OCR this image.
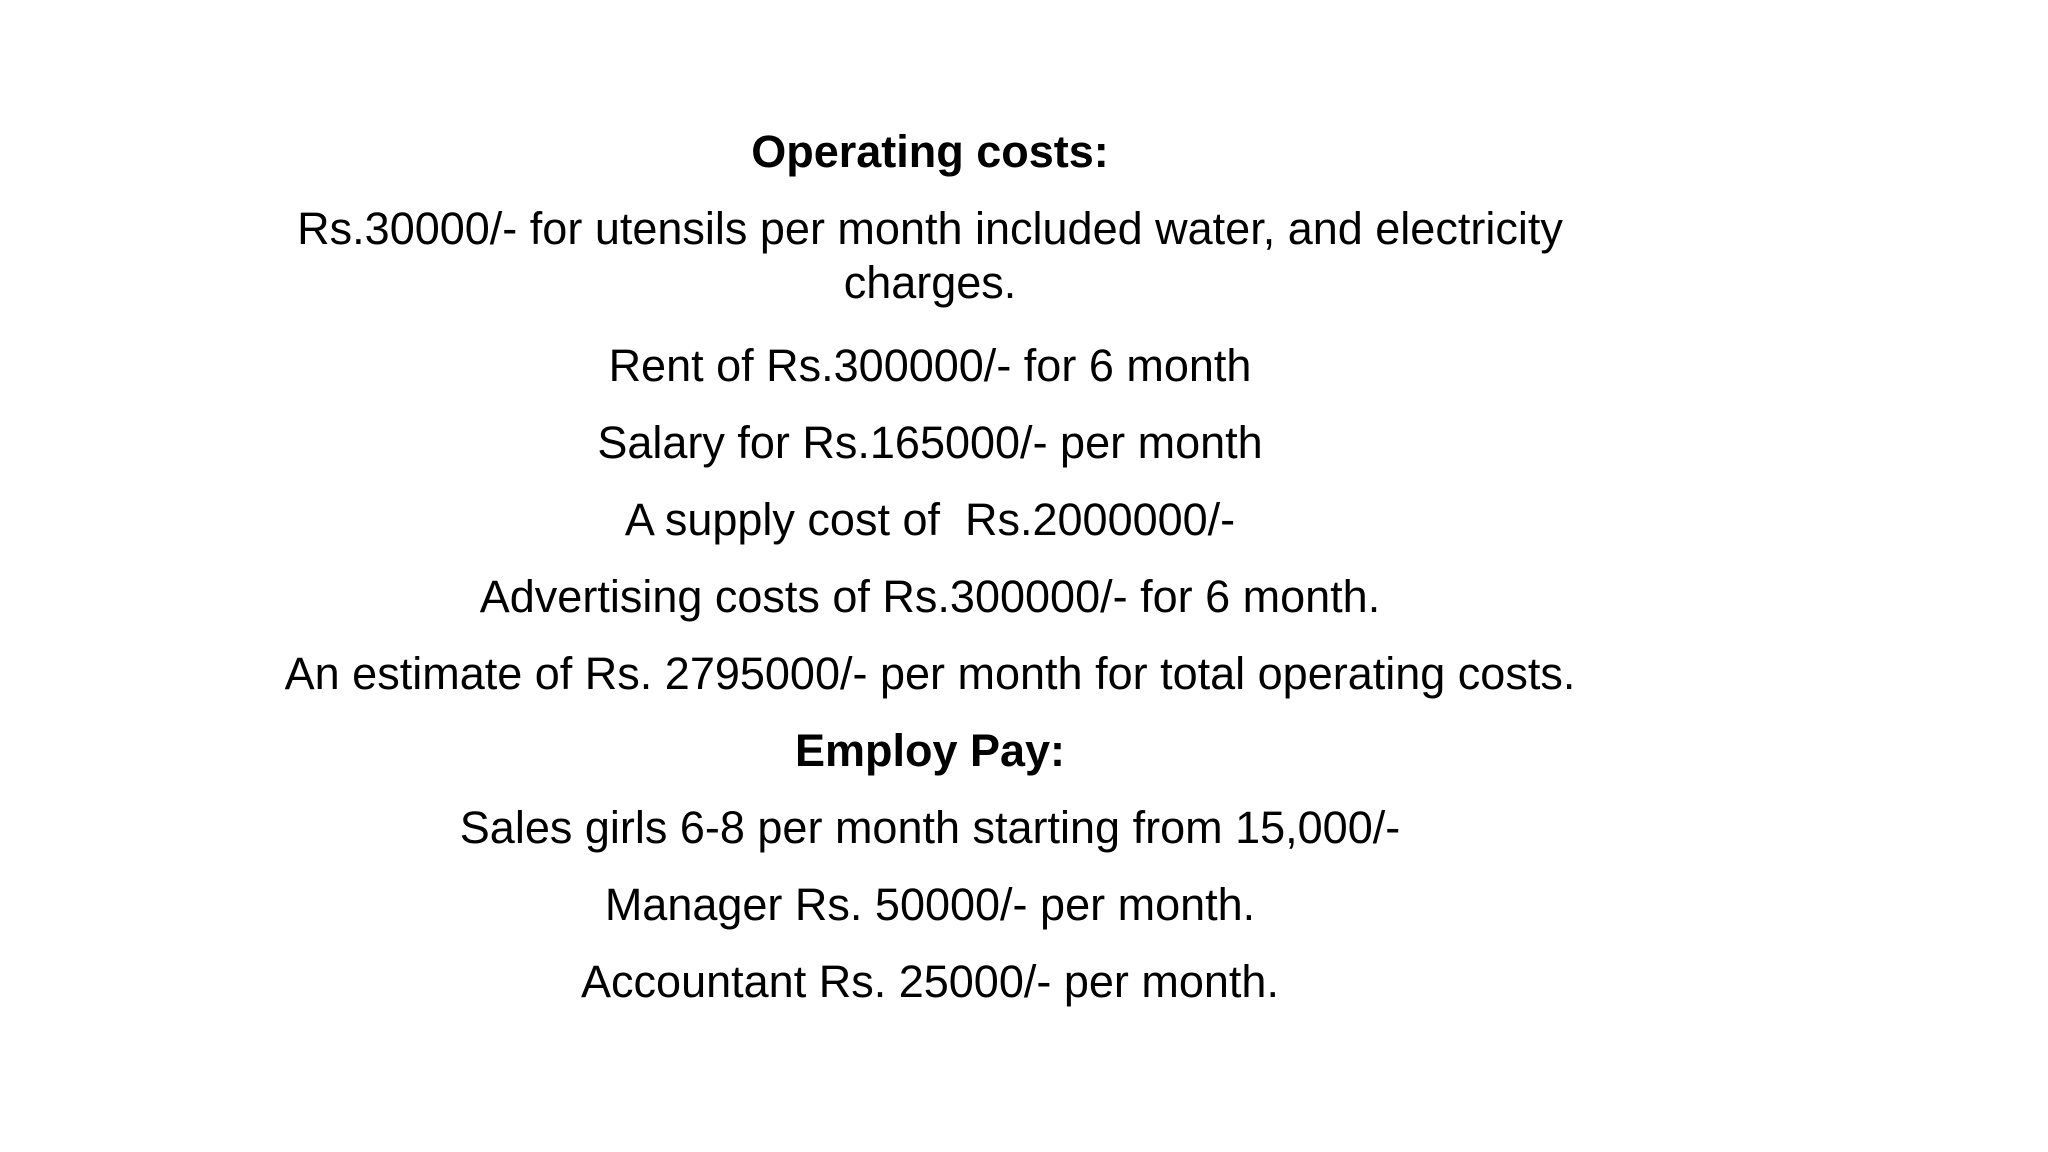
Operating costs:
Rs.30000/- for utensils per month included water, and electricity
charges.
Rent of Rs.300000/- for 6 month
Salary for Rs.165000/- per month
A supply cost of  Rs.2000000/-
Advertising costs of Rs.300000/- for 6 month.
An estimate of Rs. 2795000/- per month for total operating costs.
Employ Pay:
Sales girls 6-8 per month starting from 15,000/-
Manager Rs. 50000/- per month.
Accountant Rs. 25000/- per month.
